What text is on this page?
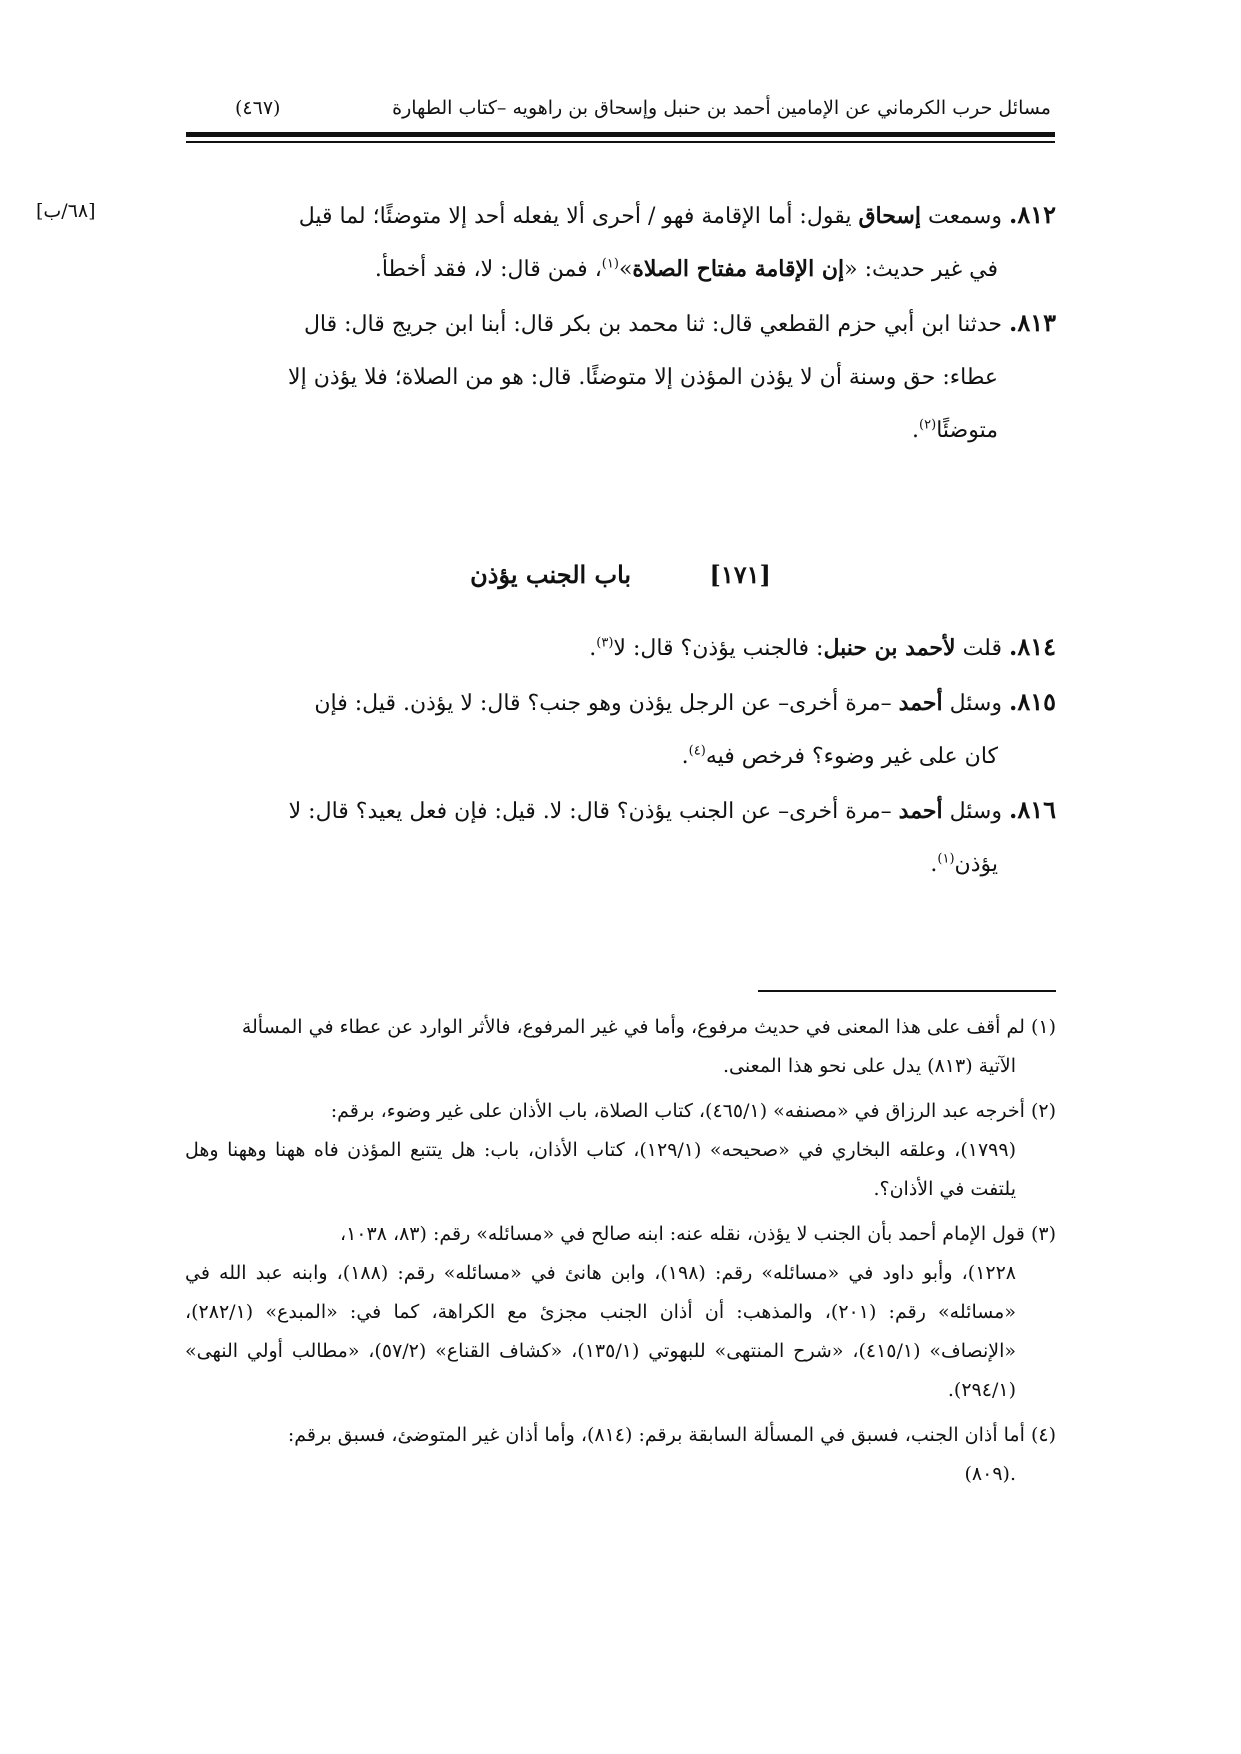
مسائل حرب الكرماني عن الإمامين أحمد بن حنبل وإسحاق بن راهويه –كتاب الطهارة
(٤٦٧)
[٦٨/ب]	٨١٢. وسمعت إسحاق يقول: أما الإقامة فهو / أحرى ألا يفعله أحد إلا متوضئًا؛ لما قيل
في غير حديث: «إن الإقامة مفتاح الصلاة»$^{(١)}$، فمن قال: لا، فقد أخطأ.

٨١٣. حدثنا ابن أبي حزم القطعي قال: ثنا محمد بن بكر قال: أبنا ابن جريج قال: قال
عطاء: حق وسنة أن لا يؤذن المؤذن إلا متوضئًا. قال: هو من الصلاة؛ فلا يؤذن إلا
متوضئًا$^{(٢)}$.

[١٧١] باب الجنب يؤذن

٨١٤. قلت لأحمد بن حنبل: فالجنب يؤذن؟ قال: لا$^{(٣)}$.

٨١٥. وسئل أحمد –مرة أخرى– عن الرجل يؤذن وهو جنب؟ قال: لا يؤذن. قيل: فإن
كان على غير وضوء؟ فرخص فيه$^{(٤)}$.

٨١٦. وسئل أحمد –مرة أخرى– عن الجنب يؤذن؟ قال: لا. قيل: فإن فعل يعيد؟ قال: لا
يؤذن$^{(١)}$.

(١) لم أقف على هذا المعنى في حديث مرفوع، وأما في غير المرفوع، فالأثر الوارد عن عطاء في المسألة
الآتية (٨١٣) يدل على نحو هذا المعنى.

(٢) أخرجه عبد الرزاق في «مصنفه» (٤٦٥/١)، كتاب الصلاة، باب الأذان على غير وضوء، برقم:
(١٧٩٩)، وعلقه البخاري في «صحيحه» (١٢٩/١)، كتاب الأذان، باب: هل يتتبع المؤذن فاه ههنا وههنا وهل يلتفت في الأذان؟.

(٣) قول الإمام أحمد بأن الجنب لا يؤذن، نقله عنه: ابنه صالح في «مسائله» رقم: (٨٣، ١٠٣٨،
١٢٢٨)، وأبو داود في «مسائله» رقم: (١٩٨)، وابن هانئ في «مسائله» رقم: (١٨٨)، وابنه عبد الله في «مسائله» رقم: (٢٠١)، والمذهب: أن أذان الجنب مجزئ مع الكراهة، كما في: «المبدع» (٢٨٢/١)، «الإنصاف» (٤١٥/١)، «شرح المنتهى» للبهوتي (١٣٥/١)، «كشاف القناع» (٥٧/٢)، «مطالب أولي النهى» (٢٩٤/١).

(٤) أما أذان الجنب، فسبق في المسألة السابقة برقم: (٨١٤)، وأما أذان غير المتوضئ، فسبق برقم:
.(٨٠٩)
